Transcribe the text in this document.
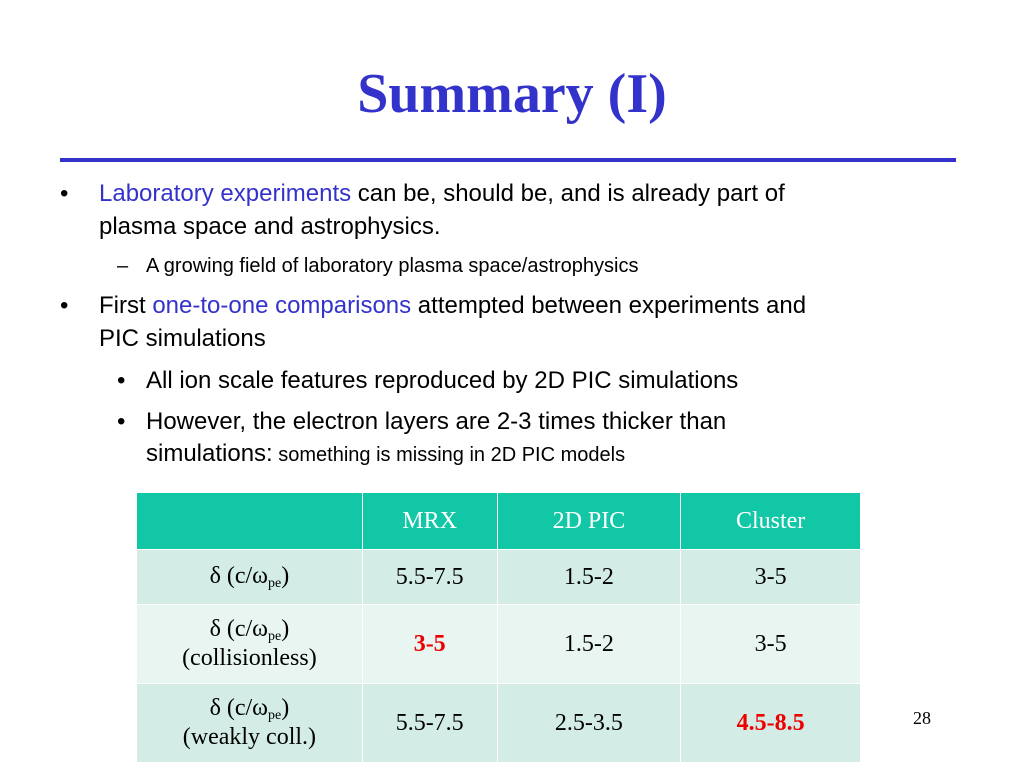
Summary (I)
• Laboratory experiments can be, should be, and is already part of
plasma space and astrophysics.
– A growing field of laboratory plasma space/astrophysics
• First one-to-one comparisons attempted between experiments and
PIC simulations
• All ion scale features reproduced by 2D PIC simulations
• However, the electron layers are 2-3 times thicker than
simulations: something is missing in 2D PIC models
	MRX	2D PIC	Cluster
δ $(c/\omega_{pe})$	5.5-7.5	1.5-2	3-5
δ $(c/\omega_{pe})$
(collisionless)	3-5	1.5-2	3-5
δ $(c/\omega_{pe})$
(weakly coll.)	5.5-7.5	2.5-3.5	4.5-8.5	28
